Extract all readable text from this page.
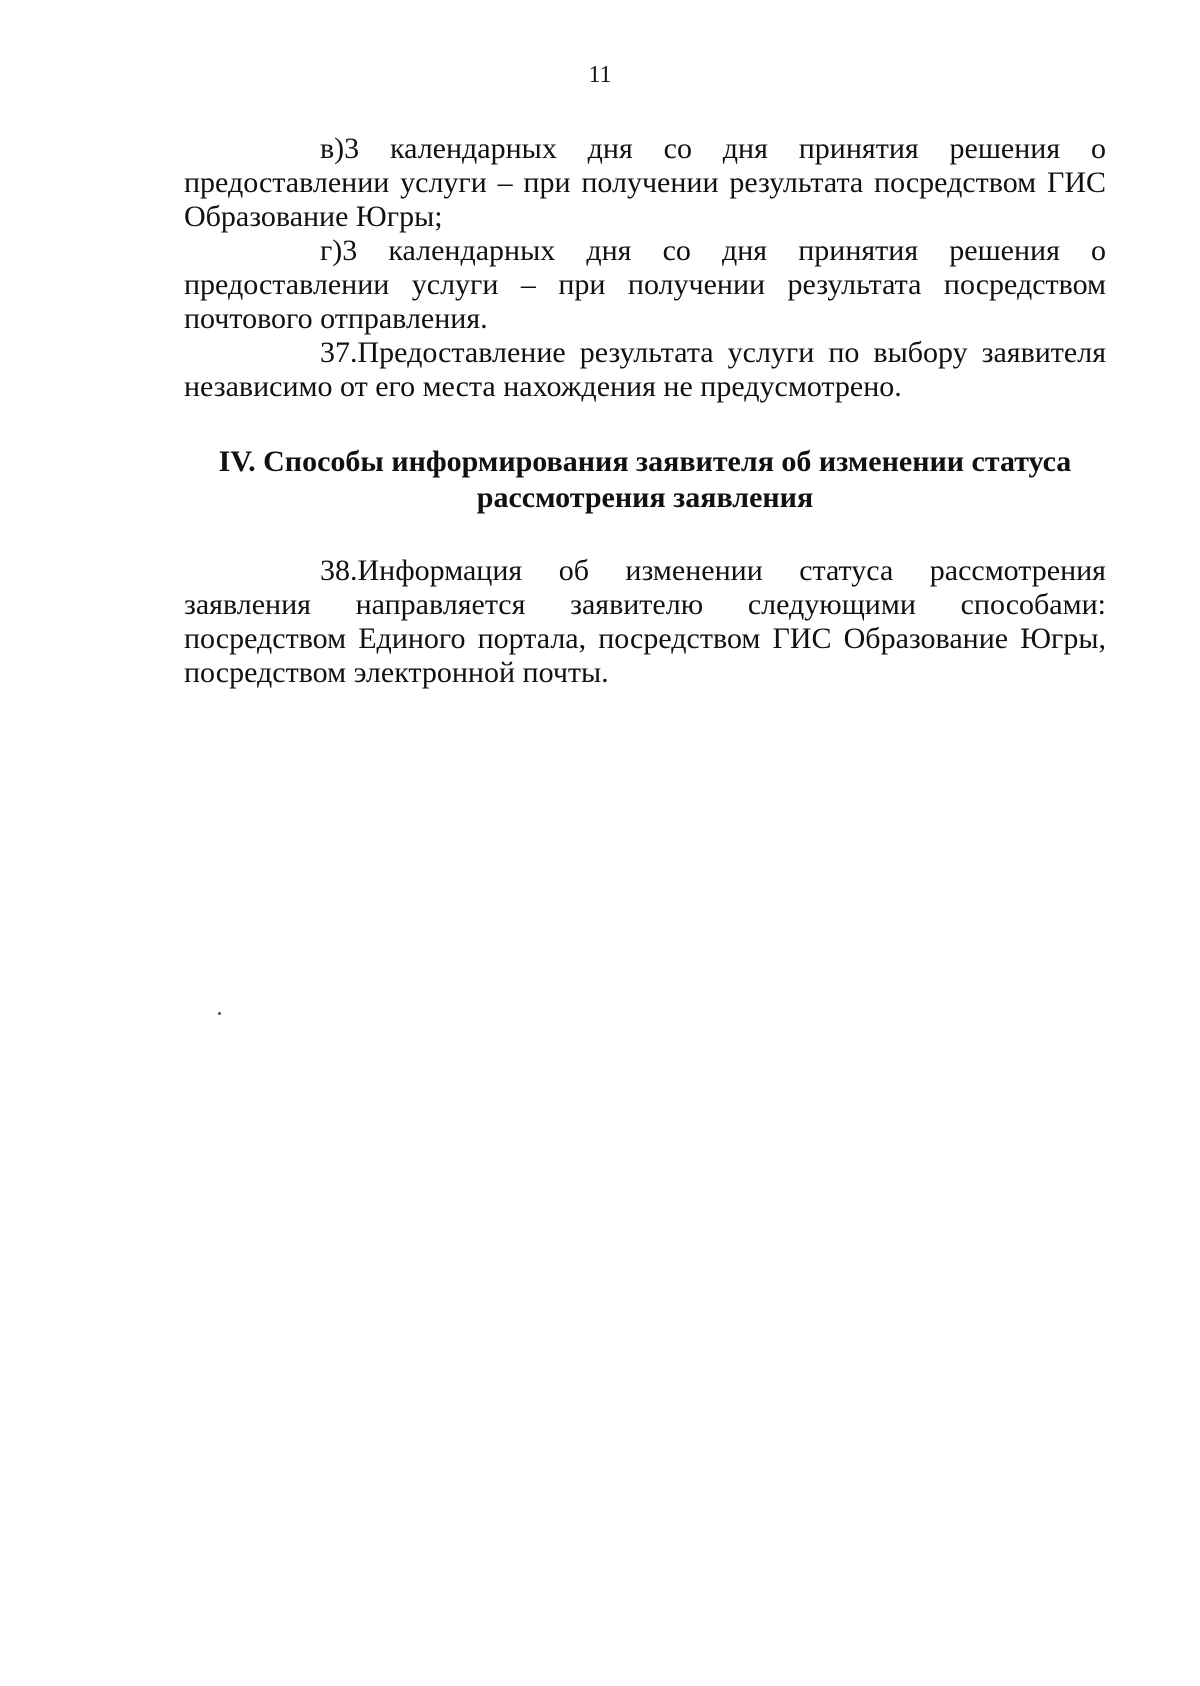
11

в)3 календарных дня со дня принятия решения о предоставлении услуги – при получении результата посредством ГИС Образование Югры;

г)3 календарных дня со дня принятия решения о предоставлении услуги – при получении результата посредством почтового отправления.

37.Предоставление результата услуги по выбору заявителя независимо от его места нахождения не предусмотрено.

IV. Способы информирования заявителя об изменении статуса
рассмотрения заявления

38.Информация об изменении статуса рассмотрения заявления направляется заявителю следующими способами: посредством Единого портала, посредством ГИС Образование Югры, посредством электронной почты.
